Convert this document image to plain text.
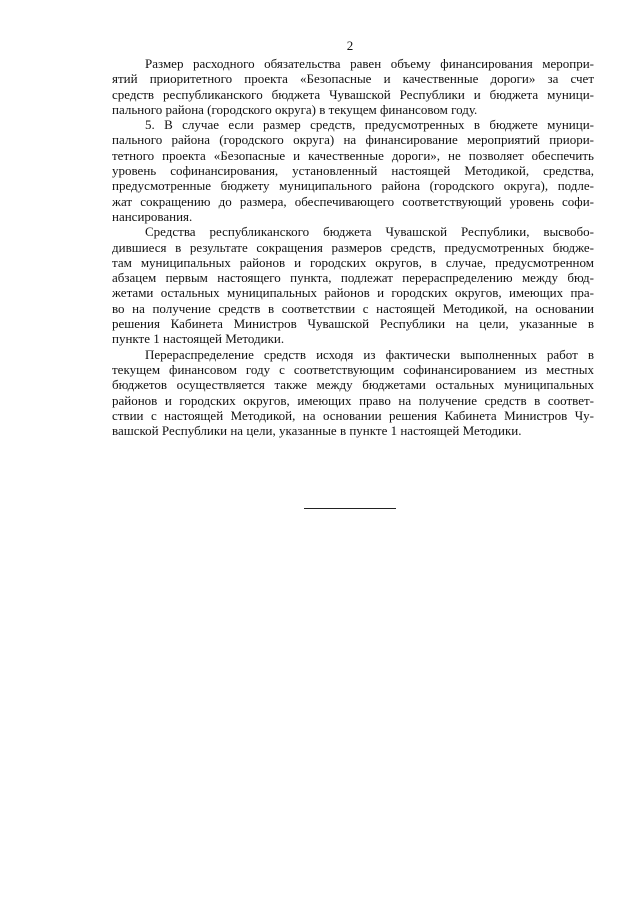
2
Размер расходного обязательства равен объему финансирования меропри-
ятий приоритетного проекта «Безопасные и качественные дороги» за счет
средств республиканского бюджета Чувашской Республики и бюджета муници-
пального района (городского округа) в текущем финансовом году.
5. В случае если размер средств, предусмотренных в бюджете муници-
пального района (городского округа) на финансирование мероприятий приори-
тетного проекта «Безопасные и качественные дороги», не позволяет обеспечить
уровень софинансирования, установленный настоящей Методикой, средства,
предусмотренные бюджету муниципального района (городского округа), подле-
жат сокращению до размера, обеспечивающего соответствующий уровень софи-
нансирования.
Средства республиканского бюджета Чувашской Республики, высвобо-
дившиеся в результате сокращения размеров средств, предусмотренных бюдже-
там муниципальных районов и городских округов, в случае, предусмотренном
абзацем первым настоящего пункта, подлежат перераспределению между бюд-
жетами остальных муниципальных районов и городских округов, имеющих пра-
во на получение средств в соответствии с настоящей Методикой, на основании
решения Кабинета Министров Чувашской Республики на цели, указанные в
пункте 1 настоящей Методики.
Перераспределение средств исходя из фактически выполненных работ в
текущем финансовом году с соответствующим софинансированием из местных
бюджетов осуществляется также между бюджетами остальных муниципальных
районов и городских округов, имеющих право на получение средств в соответ-
ствии с настоящей Методикой, на основании решения Кабинета Министров Чу-
вашской Республики на цели, указанные в пункте 1 настоящей Методики.
